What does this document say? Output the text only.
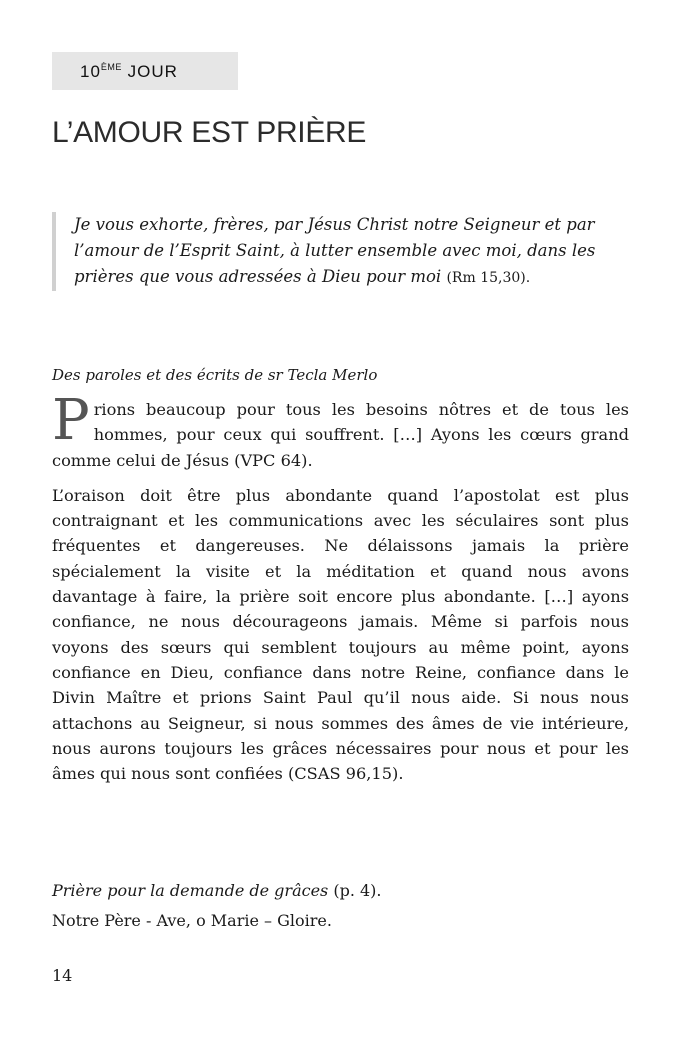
10ÈME JOUR
L’AMOUR EST PRIÈRE
Je vous exhorte, frères, par Jésus Christ notre Seigneur et par l’amour de l’Esprit Saint, à lutter ensemble avec moi, dans les prières que vous adressées à Dieu pour moi (Rm 15,30).
Des paroles et des écrits de sr Tecla Merlo

Prions beaucoup pour tous les besoins nôtres et de tous les hommes, pour ceux qui souffrent. […] Ayons les cœurs grand comme celui de Jésus (VPC 64).

L’oraison doit être plus abondante quand l’apostolat est plus contraignant et les communications avec les séculaires sont plus fréquentes et dangereuses. Ne délaissons jamais la prière spécialement la visite et la méditation et quand nous avons davantage à faire, la prière soit encore plus abondante. […] ayons confiance, ne nous décourageons jamais. Même si parfois nous voyons des sœurs qui semblent toujours au même point, ayons confiance en Dieu, confiance dans notre Reine, confiance dans le Divin Maître et prions Saint Paul qu’il nous aide. Si nous nous attachons au Seigneur, si nous sommes des âmes de vie intérieure, nous aurons toujours les grâces nécessaires pour nous et pour les âmes qui nous sont confiées (CSAS 96,15).

Prière pour la demande de grâces (p. 4).
Notre Père - Ave, o Marie – Gloire.
14
